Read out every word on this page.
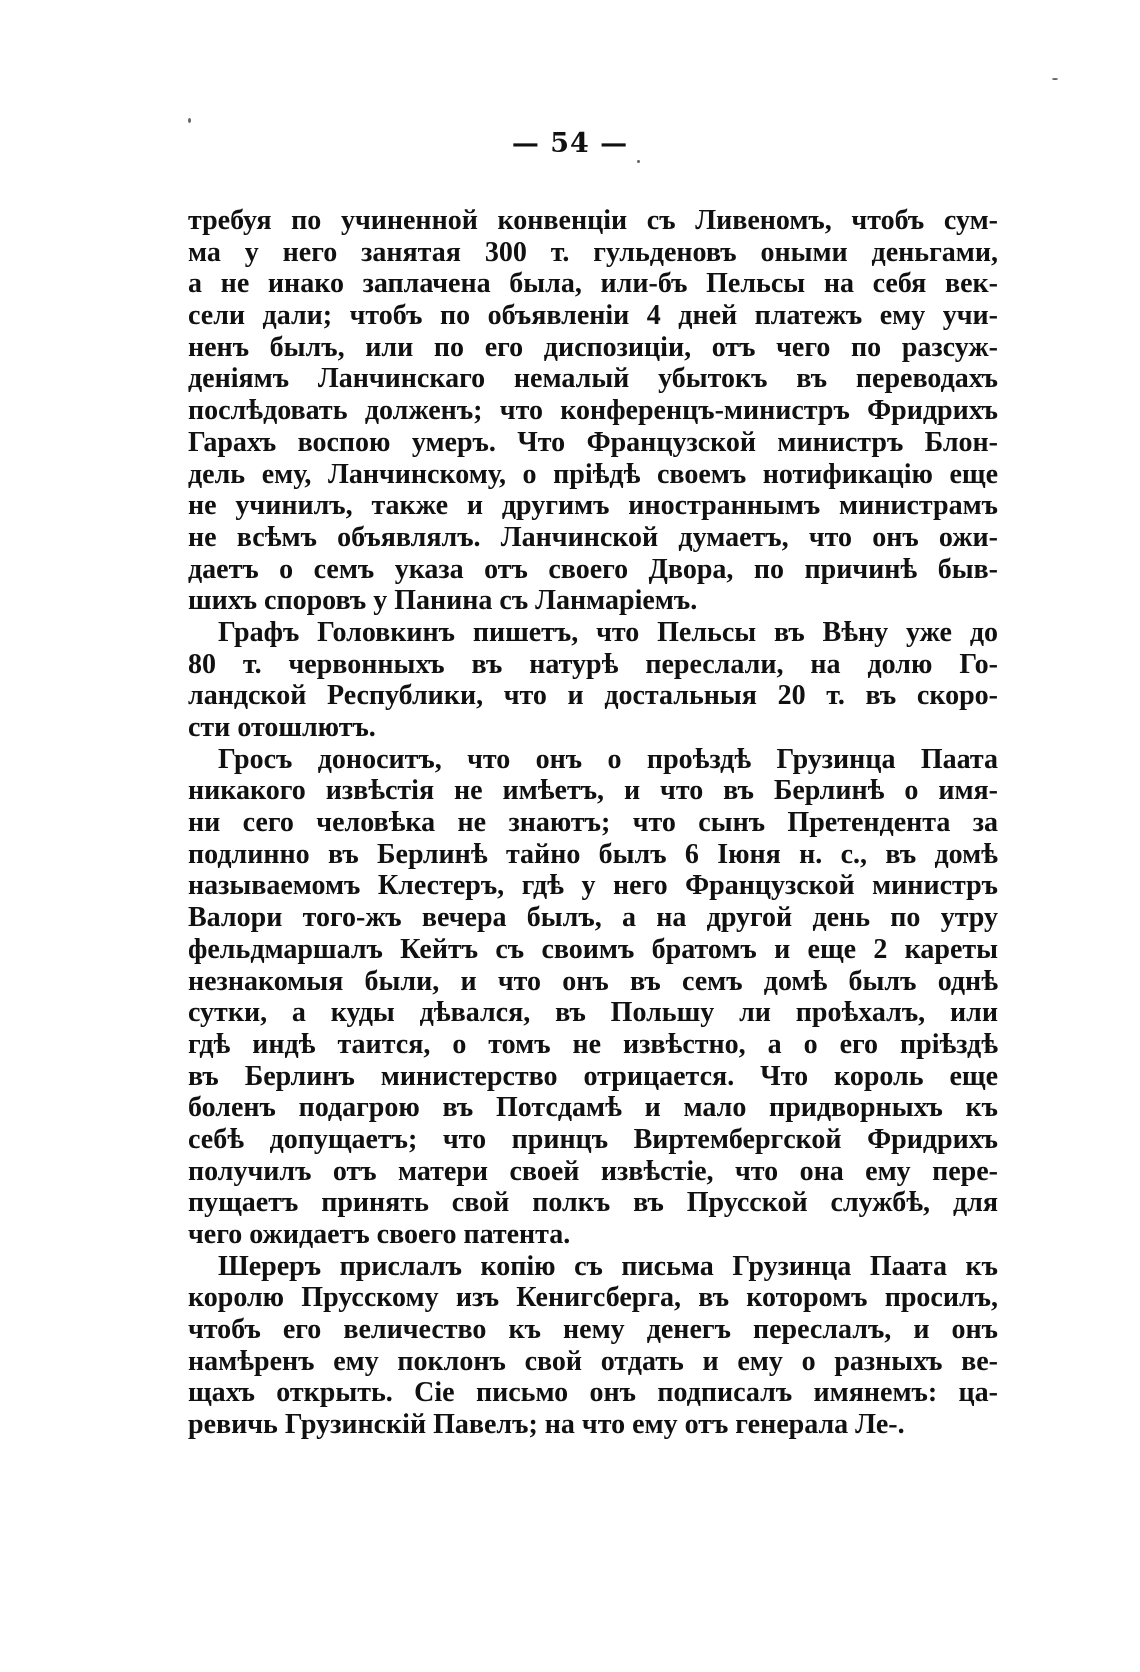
— 54 —
требуя по учиненной конвенціи съ Ливеномъ, чтобъ сум-
ма у него занятая 300 т. гульденовъ оными деньгами,
а не инако заплачена была, или-бъ Пельсы на себя век-
сели дали; чтобъ по объявленіи 4 дней платежъ ему учи-
ненъ былъ, или по его диспозиціи, отъ чего по разсуж-
деніямъ Ланчинскаго немалый убытокъ въ переводахъ
послѣдовать долженъ; что конференцъ-министръ Фридрихъ
Гарахъ воспою умеръ. Что Французской министръ Блон-
дель ему, Ланчинскому, о пріѣдѣ своемъ нотификацію еще
не учинилъ, также и другимъ иностраннымъ министрамъ
не всѣмъ объявлялъ. Ланчинской думаетъ, что онъ ожи-
даетъ о семъ указа отъ своего Двора, по причинѣ быв-
шихъ споровъ у Панина съ Ланмаріемъ.
Графъ Головкинъ пишетъ, что Пельсы въ Вѣну уже до
80 т. червонныхъ въ натурѣ переслали, на долю Го-
ландской Республики, что и достальныя 20 т. въ скоро-
сти отошлютъ.
Гросъ доноситъ, что онъ о проѣздѣ Грузинца Паата
никакого извѣстія не имѣетъ, и что въ Берлинѣ о имя-
ни сего человѣка не знаютъ; что сынъ Претендента за
подлинно въ Берлинѣ тайно былъ 6 Іюня н. с., въ домѣ
называемомъ Клестеръ, гдѣ у него Французской министръ
Валори того-жъ вечера былъ, а на другой день по утру
фельдмаршалъ Кейтъ съ своимъ братомъ и еще 2 кареты
незнакомыя были, и что онъ въ семъ домѣ былъ однѣ
сутки, а куды дѣвался, въ Польшу ли проѣхалъ, или
гдѣ индѣ таится, о томъ не извѣстно, а о его пріѣздѣ
въ Берлинъ министерство отрицается. Что король еще
боленъ подагрою въ Потсдамѣ и мало придворныхъ къ
себѣ допущаетъ; что принцъ Виртембергской Фридрихъ
получилъ отъ матери своей извѣстіе, что она ему пере-
пущаетъ принять свой полкъ въ Прусской службѣ, для
чего ожидаетъ своего патента.
Шереръ прислалъ копію съ письма Грузинца Паата къ
королю Прусскому изъ Кенигсберга, въ которомъ просилъ,
чтобъ его величество къ нему денегъ переслалъ, и онъ
намѣренъ ему поклонъ свой отдать и ему о разныхъ ве-
щахъ открыть. Сіе письмо онъ подписалъ имянемъ: ца-
ревичь Грузинскій Павелъ; на что ему отъ генерала Ле-.
